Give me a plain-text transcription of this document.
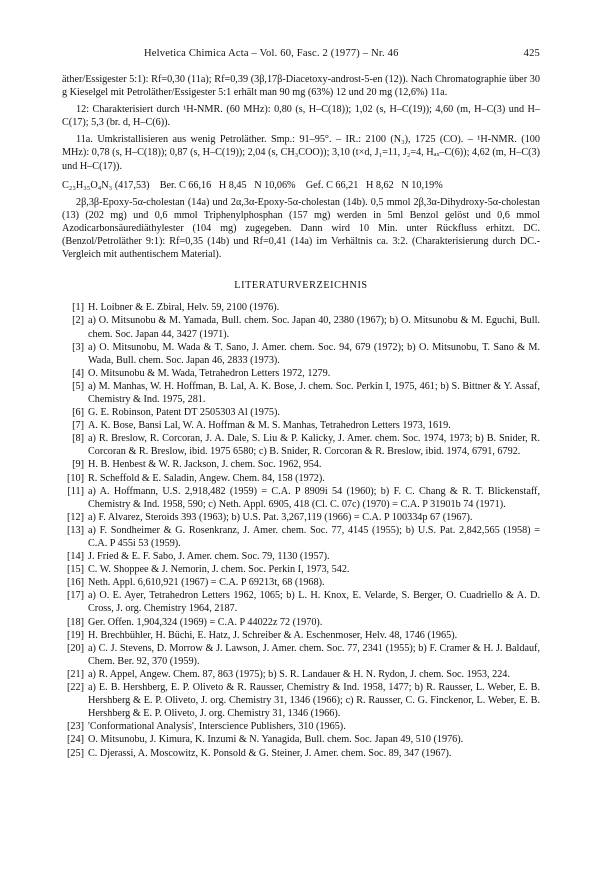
Helvetica Chimica Acta – Vol. 60, Fasc. 2 (1977) – Nr. 46	425

äther/Essigester 5:1): Rf=0,30 (11a); Rf=0,39 (3β,17β-Diacetoxy-androst-5-en (12)). Nach Chromatographie über 30 g Kieselgel mit Petroläther/Essigester 5:1 erhält man 90 mg (63%) 12 und 20 mg (12,6%) 11a.

12: Charakterisiert durch ¹H-NMR. (60 MHz): 0,80 (s, H–C(18)); 1,02 (s, H–C(19)); 4,60 (m, H–C(3) und H–C(17); 5,3 (br. d, H–C(6)).

11a. Umkristallisieren aus wenig Petroläther. Smp.: 91–95°. – IR.: 2100 (N₃), 1725 (CO). – ¹H-NMR. (100 MHz): 0,78 (s, H–C(18)); 0,87 (s, H–C(19)); 2,04 (s, CH₃COO)); 3,10 (t×d, J₁=11, J₂=4, Hₐₓ–C(6)); 4,62 (m, H–C(3) und H–C(17)).

C₂₃H₃₅O₄N₃ (417,53)    Ber. C 66,16   H 8,45   N 10,06%    Gef. C 66,21   H 8,62   N 10,19%

2β,3β-Epoxy-5α-cholestan (14a) und 2α,3α-Epoxy-5α-cholestan (14b). 0,5 mmol 2β,3α-Dihydroxy-5α-cholestan (13) (202 mg) und 0,6 mmol Triphenylphosphan (157 mg) werden in 5ml Benzol gelöst und 0,6 mmol Azodicarbonsäurediäthylester (104 mg) zugegeben. Dann wird 10 Min. unter Rückfluss erhitzt. DC. (Benzol/Petroläther 9:1): Rf=0,35 (14b) und Rf=0,41 (14a) im Verhältnis ca. 3:2. (Charakterisierung durch DC.-Vergleich mit authentischem Material).

LITERATURVERZEICHNIS
[1] H. Loibner & E. Zbiral, Helv. 59, 2100 (1976).
[2] a) O. Mitsunobu & M. Yamada, Bull. chem. Soc. Japan 40, 2380 (1967); b) O. Mitsunobu & M. Eguchi, Bull. chem. Soc. Japan 44, 3427 (1971).
[3] a) O. Mitsunobu, M. Wada & T. Sano, J. Amer. chem. Soc. 94, 679 (1972); b) O. Mitsunobu, T. Sano & M. Wada, Bull. chem. Soc. Japan 46, 2833 (1973).
[4] O. Mitsunobu & M. Wada, Tetrahedron Letters 1972, 1279.
[5] a) M. Manhas, W. H. Hoffman, B. Lal, A. K. Bose, J. chem. Soc. Perkin I, 1975, 461; b) S. Bittner & Y. Assaf, Chemistry & Ind. 1975, 281.
[6] G. E. Robinson, Patent DT 2505303 Al (1975).
[7] A. K. Bose, Bansi Lal, W. A. Hoffman & M. S. Manhas, Tetrahedron Letters 1973, 1619.
[8] a) R. Breslow, R. Corcoran, J. A. Dale, S. Liu & P. Kalicky, J. Amer. chem. Soc. 1974, 1973; b) B. Snider, R. Corcoran & R. Breslow, ibid. 1975 6580; c) B. Snider, R. Corcoran & R. Breslow, ibid. 1974, 6791, 6792.
[9] H. B. Henbest & W. R. Jackson, J. chem. Soc. 1962, 954.
[10] R. Scheffold & E. Saladin, Angew. Chem. 84, 158 (1972).
[11] a) A. Hoffmann, U.S. 2,918,482 (1959) = C.A. P 8909i 54 (1960); b) F. C. Chang & R. T. Blickenstaff, Chemistry & Ind. 1958, 590; c) Neth. Appl. 6905, 418 (Cl. C. 07c) (1970) = C.A. P 31901b 74 (1971).
[12] a) F. Alvarez, Steroids 393 (1963); b) U.S. Pat. 3,267,119 (1966) = C.A. P 100334p 67 (1967).
[13] a) F. Sondheimer & G. Rosenkranz, J. Amer. chem. Soc. 77, 4145 (1955); b) U.S. Pat. 2,842,565 (1958) = C.A. P 455i 53 (1959).
[14] J. Fried & E. F. Sabo, J. Amer. chem. Soc. 79, 1130 (1957).
[15] C. W. Shoppee & J. Nemorin, J. chem. Soc. Perkin I, 1973, 542.
[16] Neth. Appl. 6,610,921 (1967) = C.A. P 69213t, 68 (1968).
[17] a) O. E. Ayer, Tetrahedron Letters 1962, 1065; b) L. H. Knox, E. Velarde, S. Berger, O. Cuadriello & A. D. Cross, J. org. Chemistry 1964, 2187.
[18] Ger. Offen. 1,904,324 (1969) = C.A. P 44022z 72 (1970).
[19] H. Brechbühler, H. Büchi, E. Hatz, J. Schreiber & A. Eschenmoser, Helv. 48, 1746 (1965).
[20] a) C. J. Stevens, D. Morrow & J. Lawson, J. Amer. chem. Soc. 77, 2341 (1955); b) F. Cramer & H. J. Baldauf, Chem. Ber. 92, 370 (1959).
[21] a) R. Appel, Angew. Chem. 87, 863 (1975); b) S. R. Landauer & H. N. Rydon, J. chem. Soc. 1953, 224.
[22] a) E. B. Hershberg, E. P. Oliveto & R. Rausser, Chemistry & Ind. 1958, 1477; b) R. Rausser, L. Weber, E. B. Hershberg & E. P. Oliveto, J. org. Chemistry 31, 1346 (1966); c) R. Rausser, C. G. Finckenor, L. Weber, E. B. Hershberg & E. P. Oliveto, J. org. Chemistry 31, 1346 (1966).
[23] 'Conformational Analysis', Interscience Publishers, 310 (1965).
[24] O. Mitsunobu, J. Kimura, K. Inzumi & N. Yanagida, Bull. chem. Soc. Japan 49, 510 (1976).
[25] C. Djerassi, A. Moscowitz, K. Ponsold & G. Steiner, J. Amer. chem. Soc. 89, 347 (1967).
